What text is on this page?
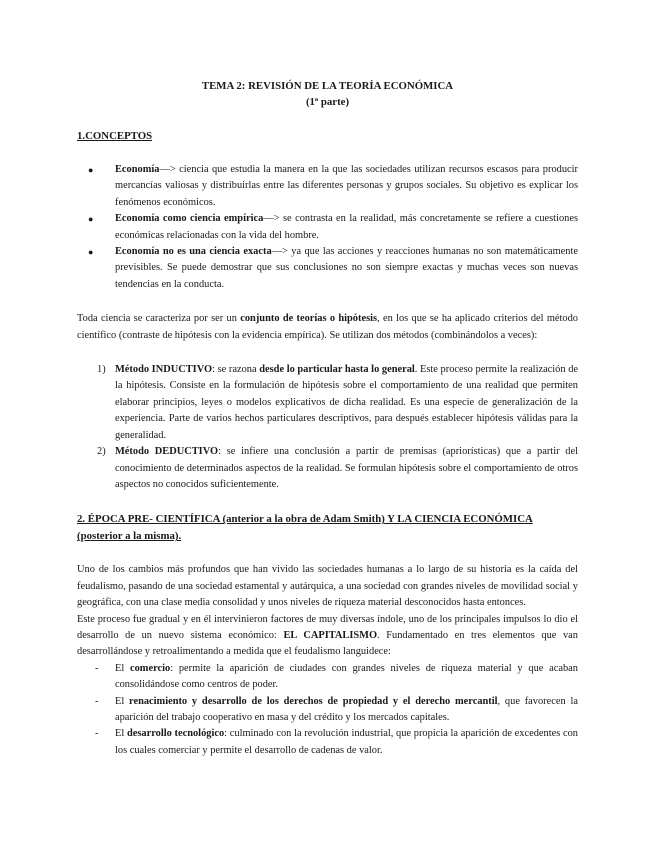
TEMA 2: REVISIÓN DE LA TEORÍA ECONÓMICA

(1ª parte)

1.CONCEPTOS

● Economía—> ciencia que estudia la manera en la que las sociedades utilizan recursos escasos para producir mercancías valiosas y distribuirlas entre las diferentes personas y grupos sociales. Su objetivo es explicar los fenómenos económicos.
● Economía como ciencia empírica—> se contrasta en la realidad, más concretamente se refiere a cuestiones económicas relacionadas con la vida del hombre.
● Economía no es una ciencia exacta—> ya que las acciones y reacciones humanas no son matemáticamente previsibles. Se puede demostrar que sus conclusiones no son siempre exactas y muchas veces son nuevas tendencias en la conducta.

Toda ciencia se caracteriza por ser un conjunto de teorías o hipótesis, en los que se ha aplicado criterios del método científico (contraste de hipótesis con la evidencia empírica). Se utilizan dos métodos (combinándolos a veces):

1) Método INDUCTIVO: se razona desde lo particular hasta lo general. Este proceso permite la realización de la hipótesis. Consiste en la formulación de hipótesis sobre el comportamiento de una realidad que permiten elaborar principios, leyes o modelos explicativos de dicha realidad. Es una especie de generalización de la experiencia. Parte de varios hechos particulares descriptivos, para después establecer hipótesis válidas para la generalidad.
2) Método DEDUCTIVO: se infiere una conclusión a partir de premisas (apriorísticas) que a partir del conocimiento de determinados aspectos de la realidad. Se formulan hipótesis sobre el comportamiento de otros aspectos no conocidos suficientemente.

2. ÉPOCA PRE- CIENTÍFICA (anterior a la obra de Adam Smith) Y LA CIENCIA ECONÓMICA (posterior a la misma).

Uno de los cambios más profundos que han vivido las sociedades humanas a lo largo de su historia es la caída del feudalismo, pasando de una sociedad estamental y autárquica, a una sociedad con grandes niveles de movilidad social y geográfica, con una clase media consolidad y unos niveles de riqueza material desconocidos hasta entonces.

Este proceso fue gradual y en él intervinieron factores de muy diversas índole, uno de los principales impulsos lo dio el desarrollo de un nuevo sistema económico: EL CAPITALISMO. Fundamentado en tres elementos que van desarrollándose y retroalimentando a medida que el feudalismo languidece:

- El comercio: permite la aparición de ciudades con grandes niveles de riqueza material y que acaban consolidándose como centros de poder.
- El renacimiento y desarrollo de los derechos de propiedad y el derecho mercantil, que favorecen la aparición del trabajo cooperativo en masa y del crédito y los mercados capitales.
- El desarrollo tecnológico: culminado con la revolución industrial, que propicia la aparición de excedentes con los cuales comerciar y permite el desarrollo de cadenas de valor.
